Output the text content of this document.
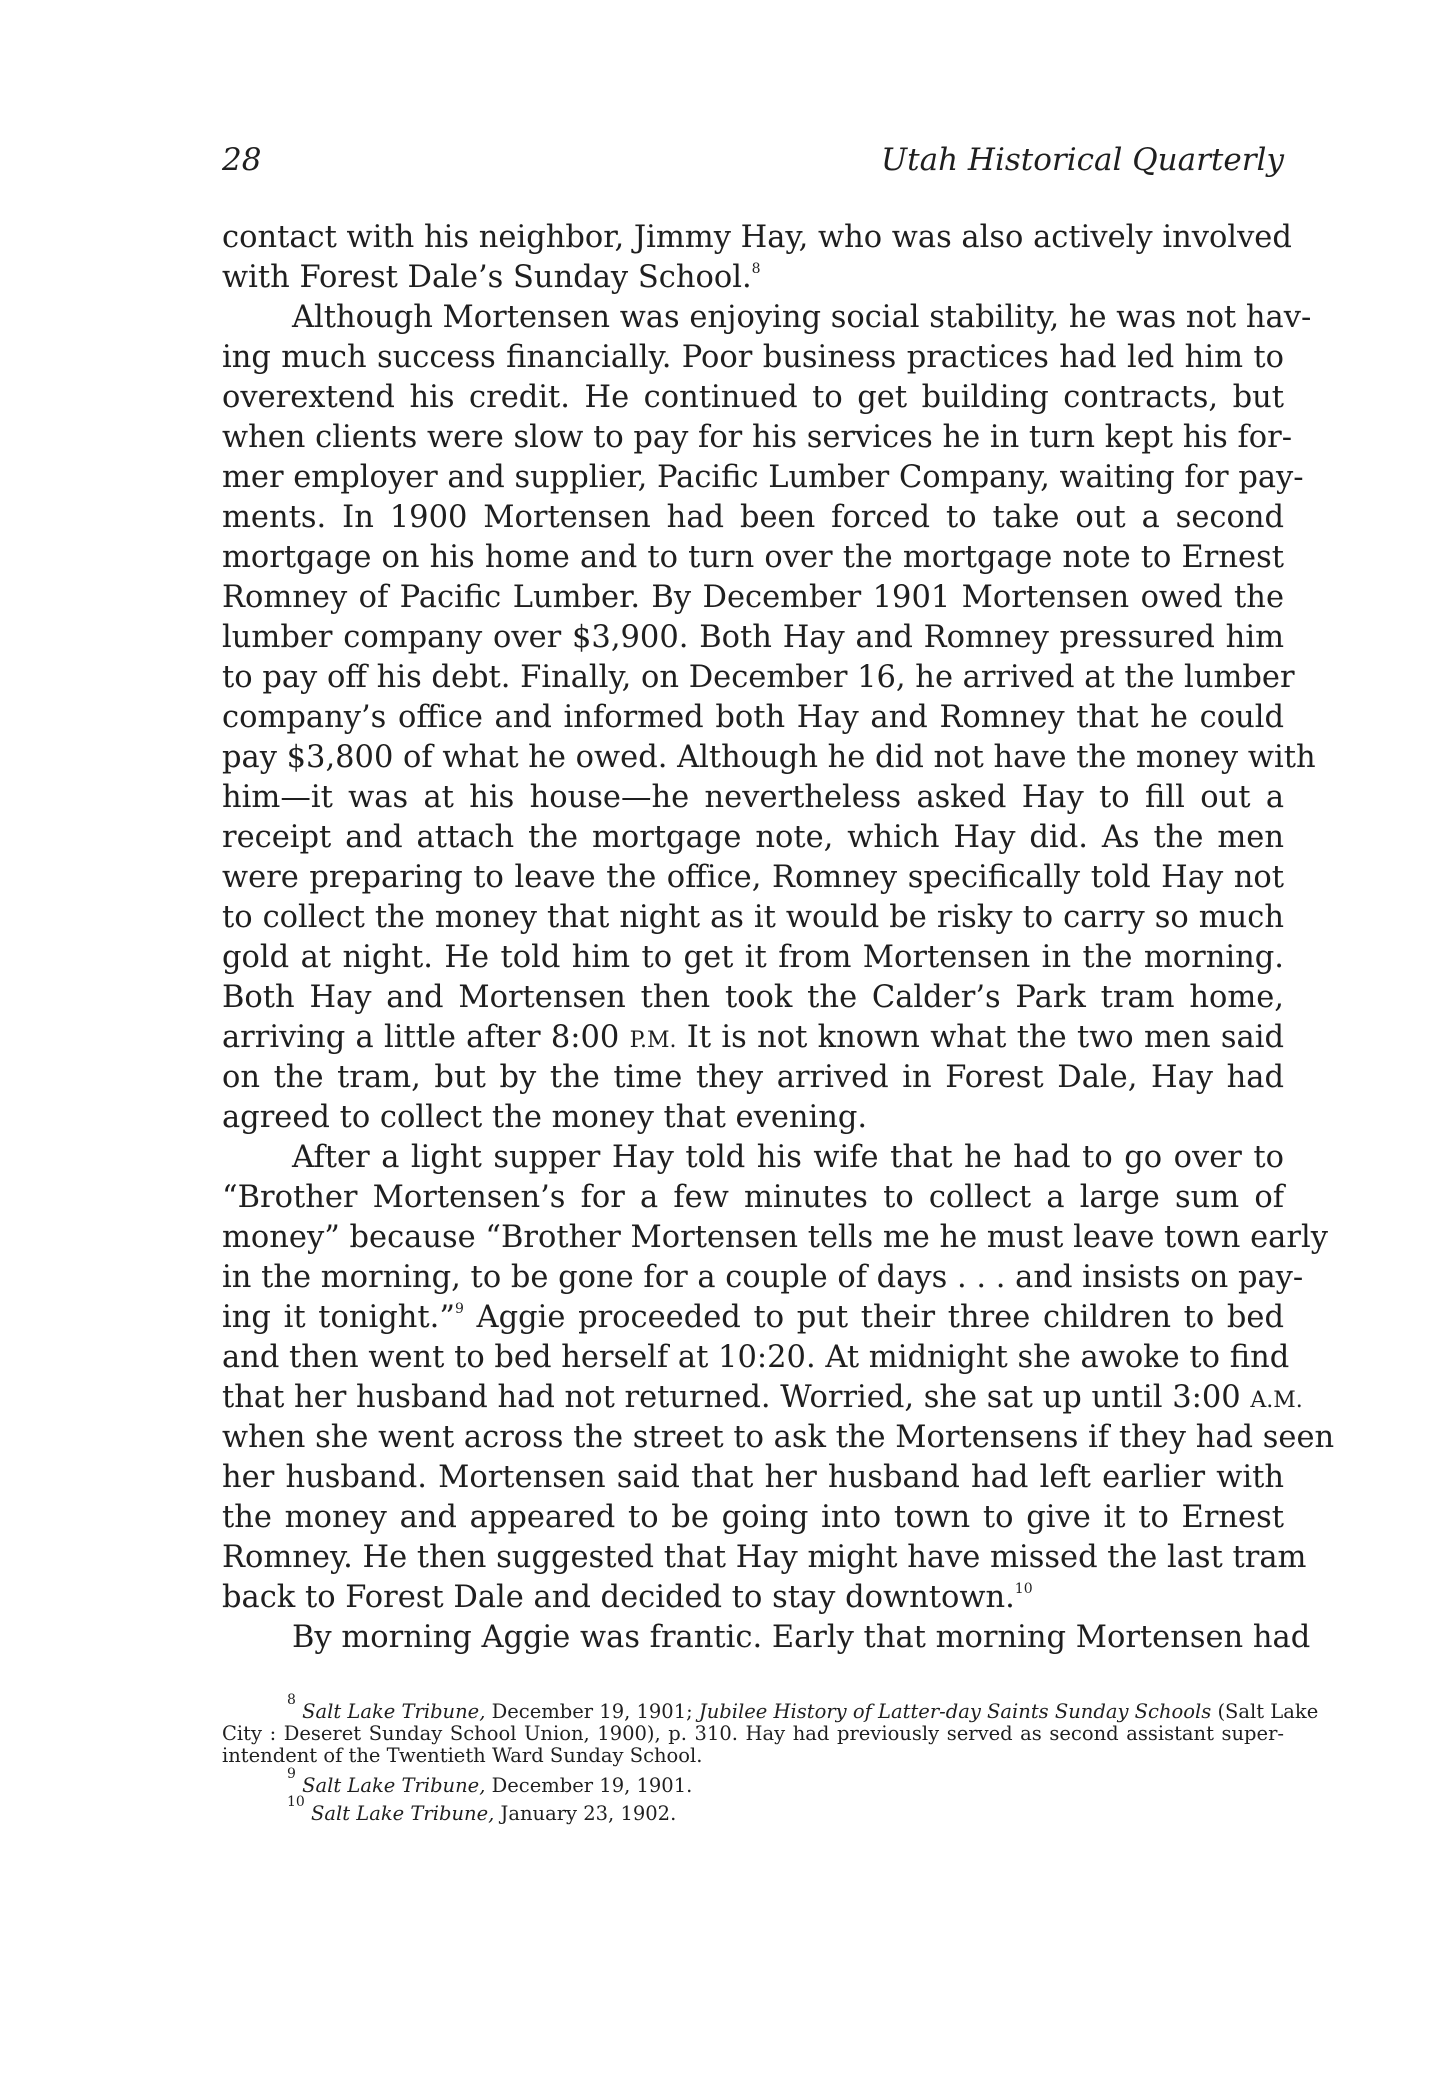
28	Utah Historical Quarterly
contact with his neighbor, Jimmy Hay, who was also actively involved
with Forest Dale’s Sunday School.$^8$
Although Mortensen was enjoying social stability, he was not hav-
ing much success financially. Poor business practices had led him to
overextend his credit. He continued to get building contracts, but
when clients were slow to pay for his services he in turn kept his for-
mer employer and supplier, Pacific Lumber Company, waiting for pay-
ments. In 1900 Mortensen had been forced to take out a second
mortgage on his home and to turn over the mortgage note to Ernest
Romney of Pacific Lumber. By December 1901 Mortensen owed the
lumber company over $3,900. Both Hay and Romney pressured him
to pay off his debt. Finally, on December 16, he arrived at the lumber
company’s office and informed both Hay and Romney that he could
pay $3,800 of what he owed. Although he did not have the money with
him—it was at his house—he nevertheless asked Hay to fill out a
receipt and attach the mortgage note, which Hay did. As the men
were preparing to leave the office, Romney specifically told Hay not
to collect the money that night as it would be risky to carry so much
gold at night. He told him to get it from Mortensen in the morning.
Both Hay and Mortensen then took the Calder’s Park tram home,
arriving a little after 8:00 P.M. It is not known what the two men said
on the tram, but by the time they arrived in Forest Dale, Hay had
agreed to collect the money that evening.
After a light supper Hay told his wife that he had to go over to
“Brother Mortensen’s for a few minutes to collect a large sum of
money” because “Brother Mortensen tells me he must leave town early
in the morning, to be gone for a couple of days . . . and insists on pay-
ing it tonight.”$^9$ Aggie proceeded to put their three children to bed
and then went to bed herself at 10:20. At midnight she awoke to find
that her husband had not returned. Worried, she sat up until 3:00 A.M.
when she went across the street to ask the Mortensens if they had seen
her husband. Mortensen said that her husband had left earlier with
the money and appeared to be going into town to give it to Ernest
Romney. He then suggested that Hay might have missed the last tram
back to Forest Dale and decided to stay downtown.$^{10}$
By morning Aggie was frantic. Early that morning Mortensen had
$^8$ Salt Lake Tribune, December 19, 1901; Jubilee History of Latter-day Saints Sunday Schools (Salt Lake
City : Deseret Sunday School Union, 1900), p. 310. Hay had previously served as second assistant super-
intendent of the Twentieth Ward Sunday School.
$^9$ Salt Lake Tribune, December 19, 1901.
$^{10}$ Salt Lake Tribune, January 23, 1902.
